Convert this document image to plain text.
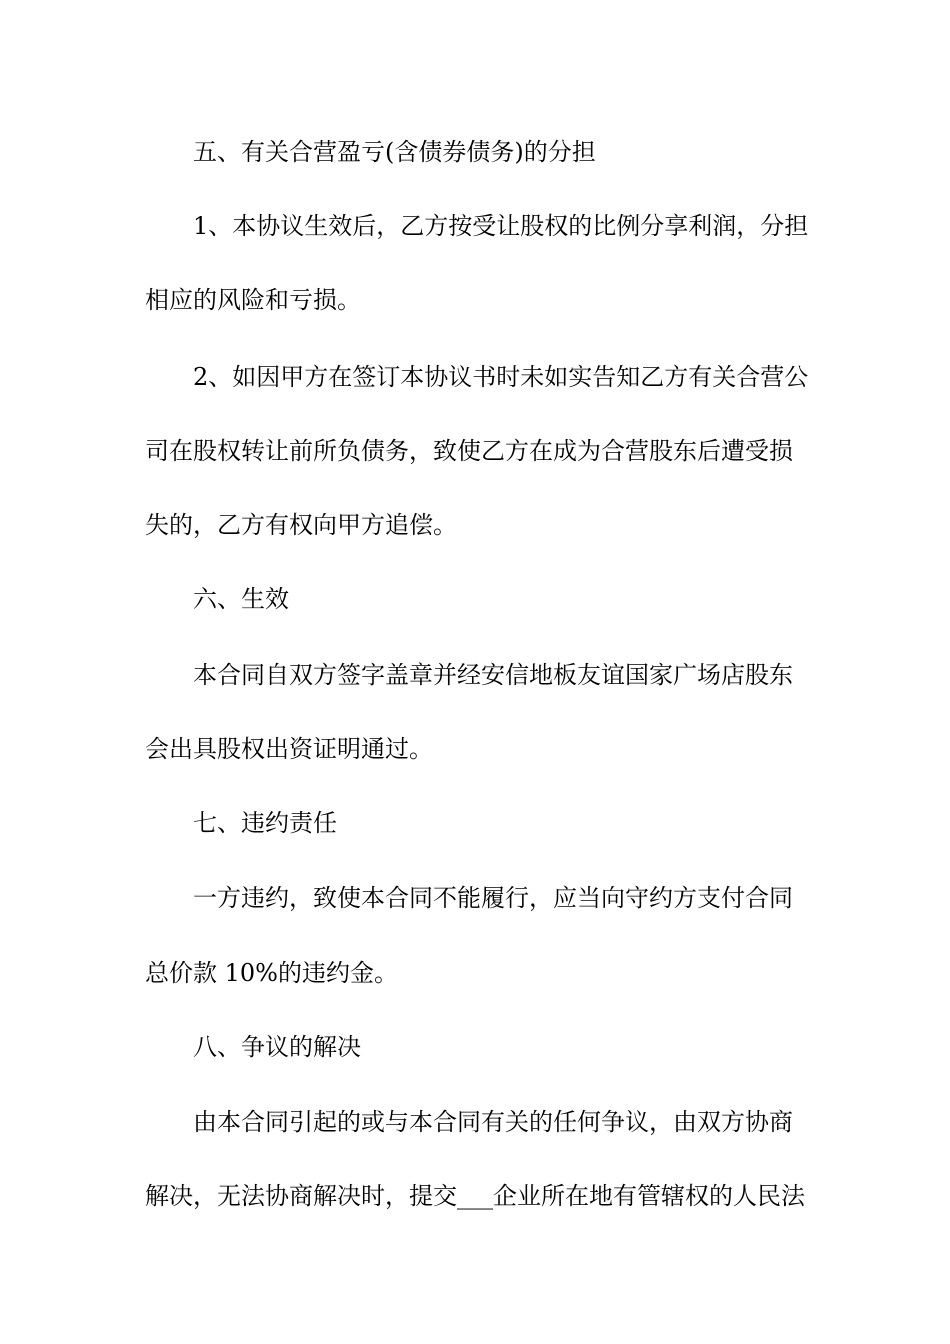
五、有关合营盈亏(含债券债务)的分担
1、本协议生效后，乙方按受让股权的比例分享利润，分担
相应的风险和亏损。
2、如因甲方在签订本协议书时未如实告知乙方有关合营公
司在股权转让前所负债务，致使乙方在成为合营股东后遭受损
失的，乙方有权向甲方追偿。
六、生效
本合同自双方签字盖章并经安信地板友谊国家广场店股东
会出具股权出资证明通过。
七、违约责任
一方违约，致使本合同不能履行，应当向守约方支付合同
总价款 10%的违约金。
八、争议的解决
由本合同引起的或与本合同有关的任何争议，由双方协商
解决，无法协商解决时，提交___企业所在地有管辖权的人民法
